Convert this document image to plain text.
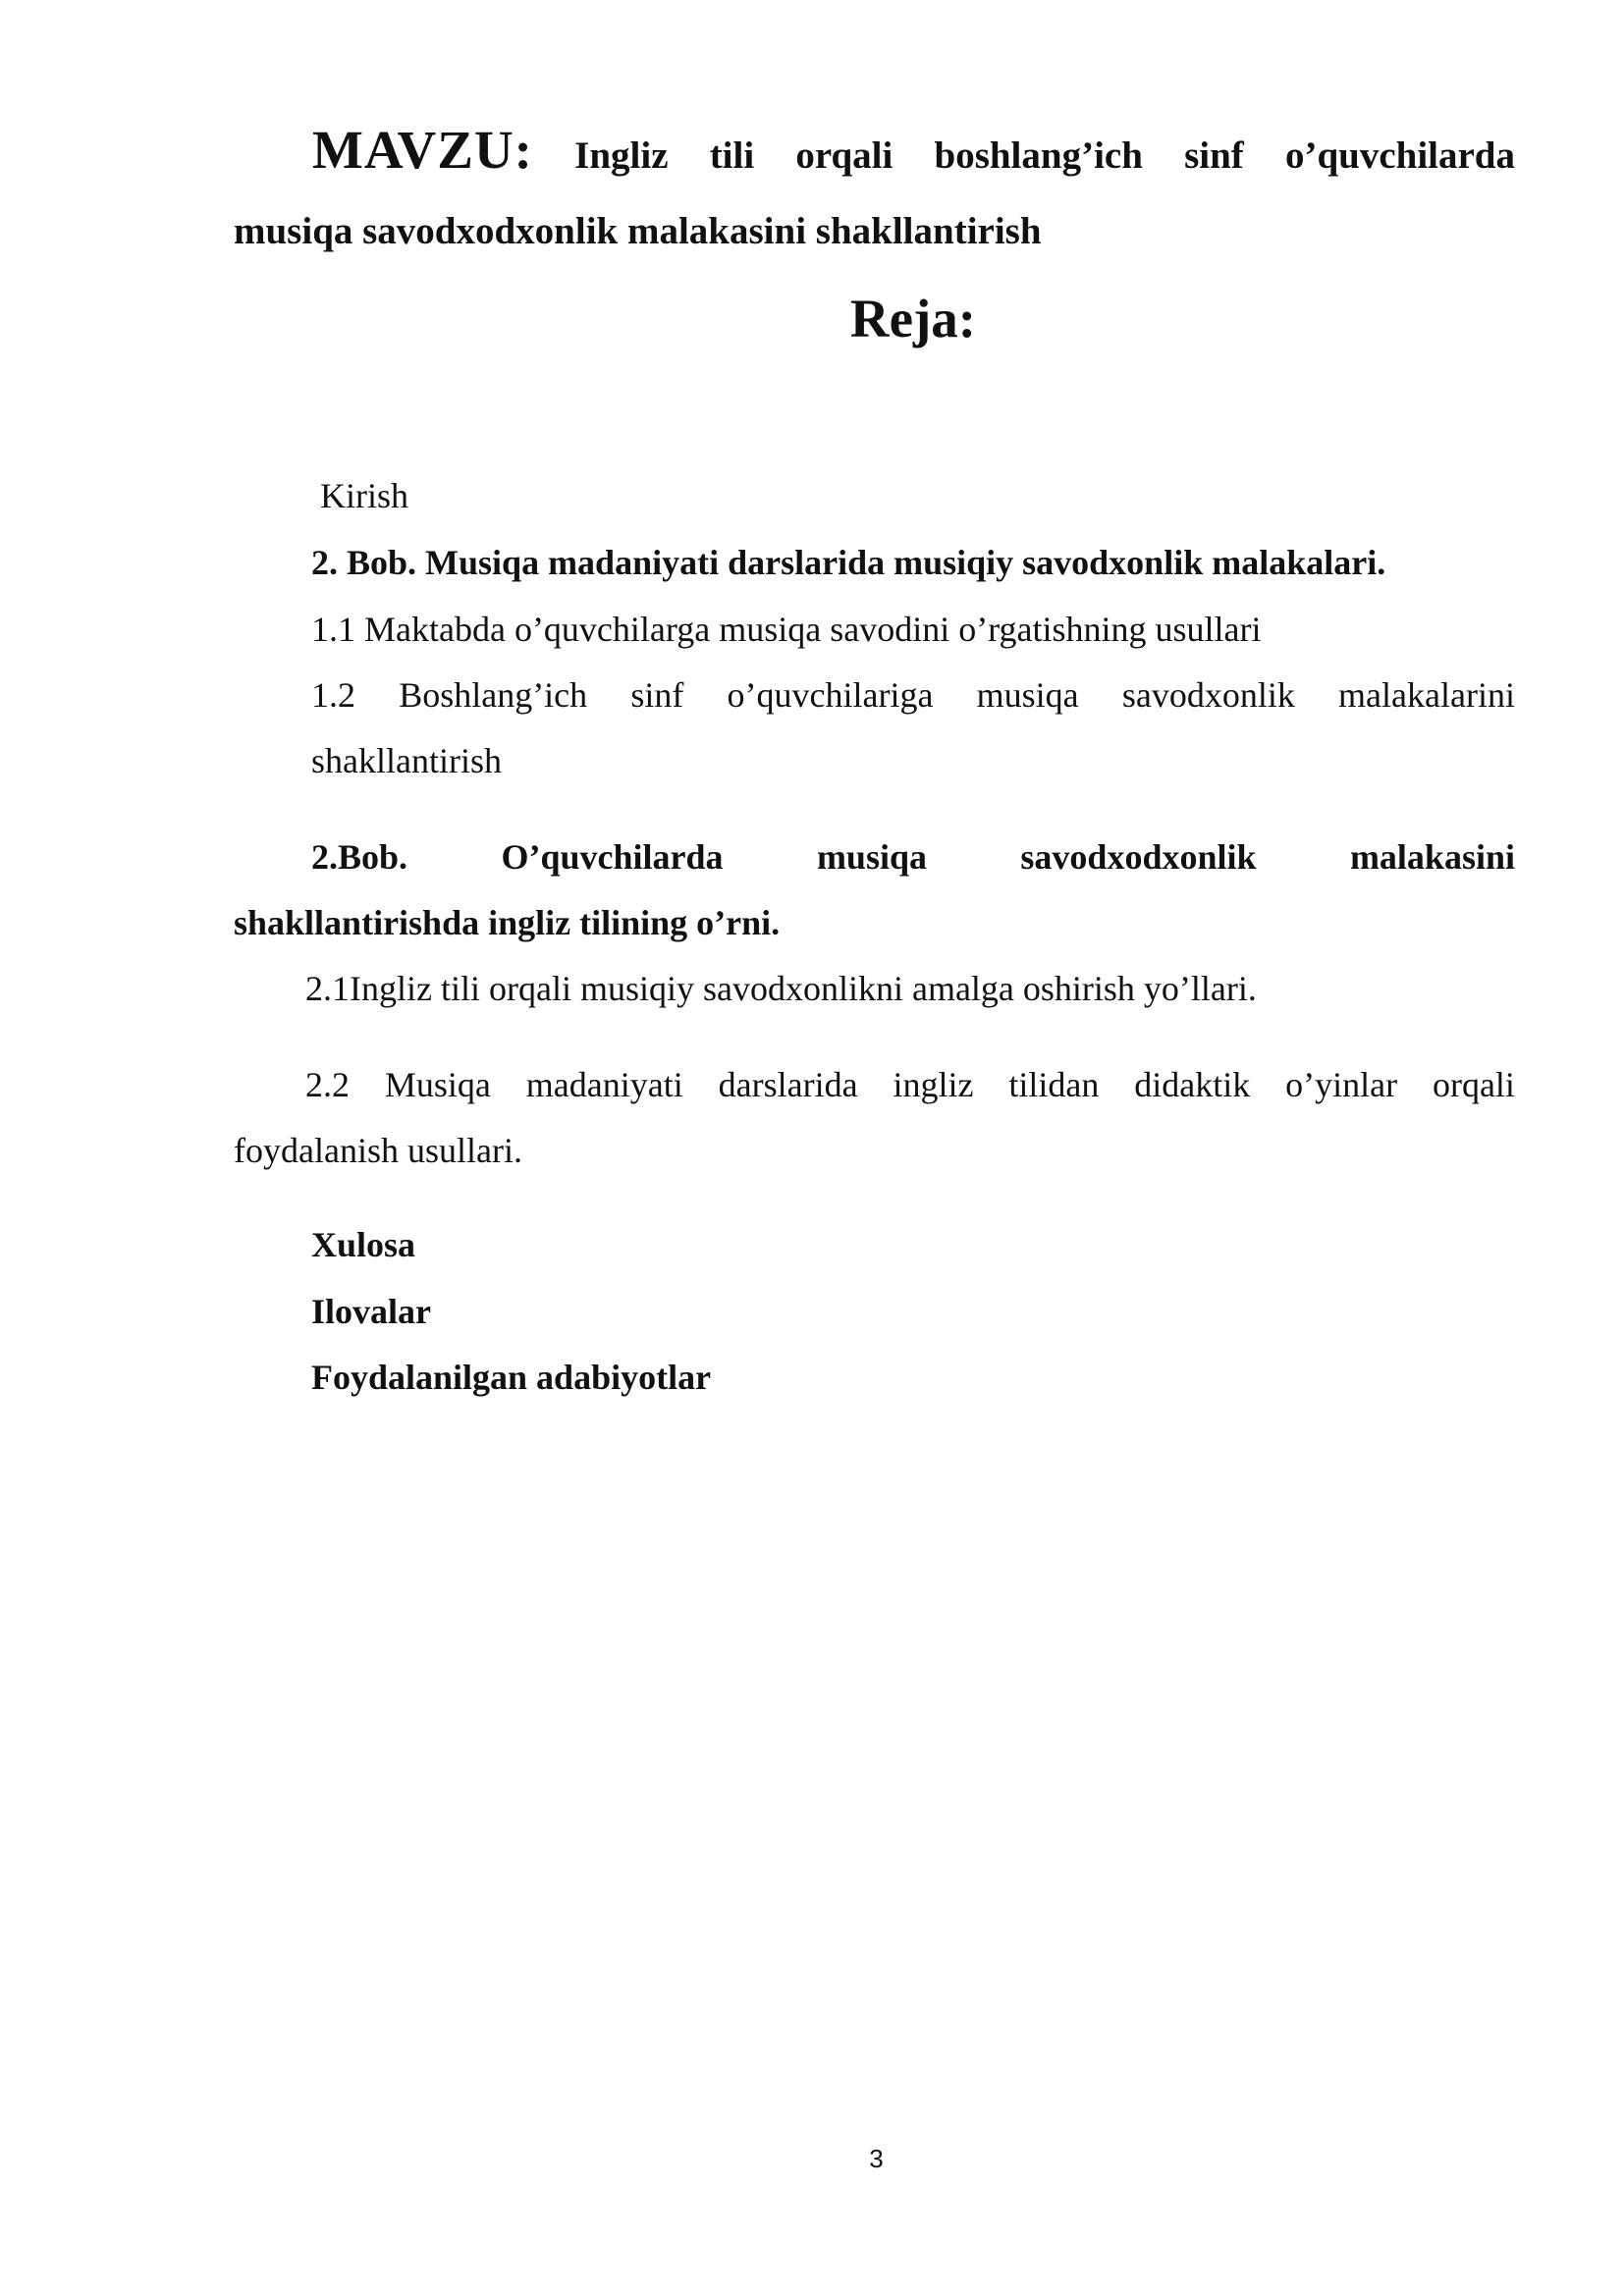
MAVZU: Ingliz tili orqali boshlang’ich sinf o’quvchilarda
musiqa savodxodxonlik malakasini shakllantirish
Reja:
Kirish
2. Bob. Musiqa madaniyati darslarida musiqiy savodxonlik malakalari.
1.1 Maktabda o’quvchilarga musiqa savodini o’rgatishning usullari
1.2 Boshlang’ich sinf o’quvchilariga musiqa savodxonlik malakalarini
shakllantirish
2.Bob.	O’quvchilarda	musiqa	savodxodxonlik	malakasini
shakllantirishda ingliz tilining o’rni.
2.1Ingliz tili orqali musiqiy savodxonlikni amalga oshirish yo’llari.
2.2 Musiqa madaniyati darslarida ingliz tilidan didaktik o’yinlar orqali
foydalanish usullari.
Xulosa
Ilovalar
Foydalanilgan adabiyotlar
3
